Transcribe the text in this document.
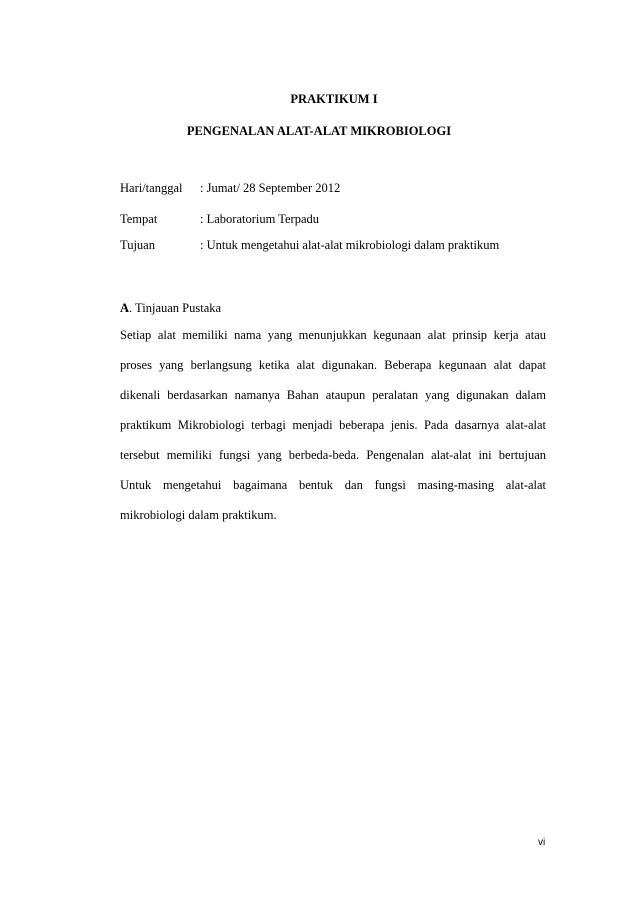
PRAKTIKUM I
PENGENALAN ALAT-ALAT MIKROBIOLOGI
Hari/tanggal : Jumat/ 28 September 2012
Tempat	: Laboratorium Terpadu
Tujuan	: Untuk mengetahui alat-alat mikrobiologi dalam praktikum
A. Tinjauan Pustaka
Setiap alat memiliki nama yang menunjukkan kegunaan alat prinsip kerja atau
proses yang berlangsung ketika alat digunakan. Beberapa kegunaan alat dapat
dikenali berdasarkan namanya Bahan ataupun peralatan yang digunakan dalam
praktikum Mikrobiologi terbagi menjadi beberapa jenis. Pada dasarnya alat-alat
tersebut memiliki fungsi yang berbeda-beda. Pengenalan alat-alat ini bertujuan
Untuk mengetahui bagaimana bentuk dan fungsi masing-masing alat-alat
mikrobiologi dalam praktikum.
vi
